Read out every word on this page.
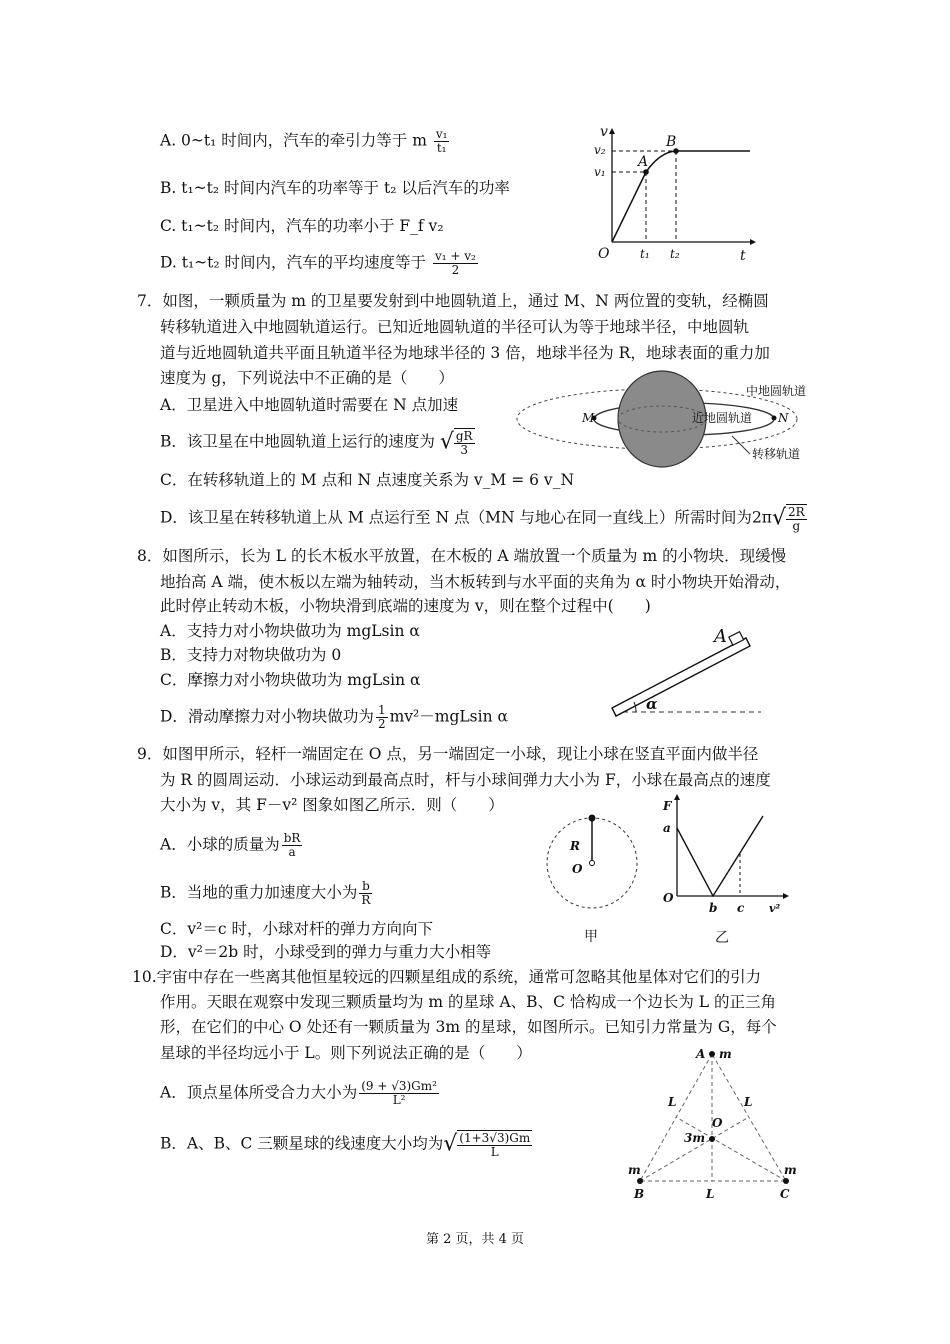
A. 0~t₁ 时间内，汽车的牵引力等于 m $\frac{\text{v₁}}{\text{t₁}}$
B. t₁~t₂ 时间内汽车的功率等于 t₂ 以后汽车的功率
C. t₁~t₂ 时间内，汽车的功率小于 F_f v₂
D. t₁~t₂ 时间内，汽车的平均速度等于 $\frac{\text{v₁ + v₂}}{2}$
v
t
O
v₁
v₂
t₁ t₂
A
B
7．如图，一颗质量为 m 的卫星要发射到中地圆轨道上，通过 M、N 两位置的变轨，经椭圆
转移轨道进入中地圆轨道运行。已知近地圆轨道的半径可认为等于地球半径，中地圆轨
道与近地圆轨道共平面且轨道半径为地球半径的 3 倍，地球半径为 R，地球表面的重力加
速度为 g，下列说法中不正确的是（　　）
A．卫星进入中地圆轨道时需要在 N 点加速
B．该卫星在中地圆轨道上运行的速度为 √ $\frac{gR}{3}$
C．在转移轨道上的 M 点和 N 点速度关系为 v_M = 6 v_N
D．该卫星在转移轨道上从 M 点运行至 N 点（MN 与地心在同一直线上）所需时间为$2\pi√ \frac{2R}{g}$
M	N
中地圆轨道
近地圆轨道
转移轨道
8．如图所示，长为 L 的长木板水平放置，在木板的 A 端放置一个质量为 m 的小物块．现缓慢
地抬高 A 端，使木板以左端为轴转动，当木板转到与水平面的夹角为 α 时小物块开始滑动，
此时停止转动木板，小物块滑到底端的速度为 v，则在整个过程中(　　)
A．支持力对小物块做功为 mgLsin α
B．支持力对物块做功为 0
C．摩擦力对小物块做功为 mgLsin α
D．滑动摩擦力对小物块做功为 $\frac{1}{2} mv^2-mgLsin$ α
A
α
9．如图甲所示，轻杆一端固定在 O 点，另一端固定一小球，现让小球在竖直平面内做半径
为 R 的圆周运动．小球运动到最高点时，杆与小球间弹力大小为 F，小球在最高点的速度
大小为 v，其 F－v² 图象如图乙所示．则（　　）
A．小球的质量为 $\frac{bR}{a}$
B．当地的重力加速度大小为 $\frac{b}{R}$
C．v²＝c 时，小球对杆的弹力方向向下
D．v²＝2b 时，小球受到的弹力与重力大小相等
R
O
甲
F
a
O
b c v²
乙
10.宇宙中存在一些离其他恒星较远的四颗星组成的系统，通常可忽略其他星体对它们的引力
作用。天眼在观察中发现三颗质量均为 m 的星球 A、B、C 恰构成一个边长为 L 的正三角
形，在它们的中心 O 处还有一颗质量为 3m 的星球，如图所示。已知引力常量为 G，每个
星球的半径均远小于 L。则下列说法正确的是（　　）
A．顶点星体所受合力大小为 $\frac{\text{(9 + √3)Gm²}}{\text{L²}}$
B．A、B、C 三颗星球的线速度大小均为√ $\frac{(1+3√3)Gm}{L}$
A m
m	m
B	C
L
L	L
O
3m
第 2 页，共 4 页
